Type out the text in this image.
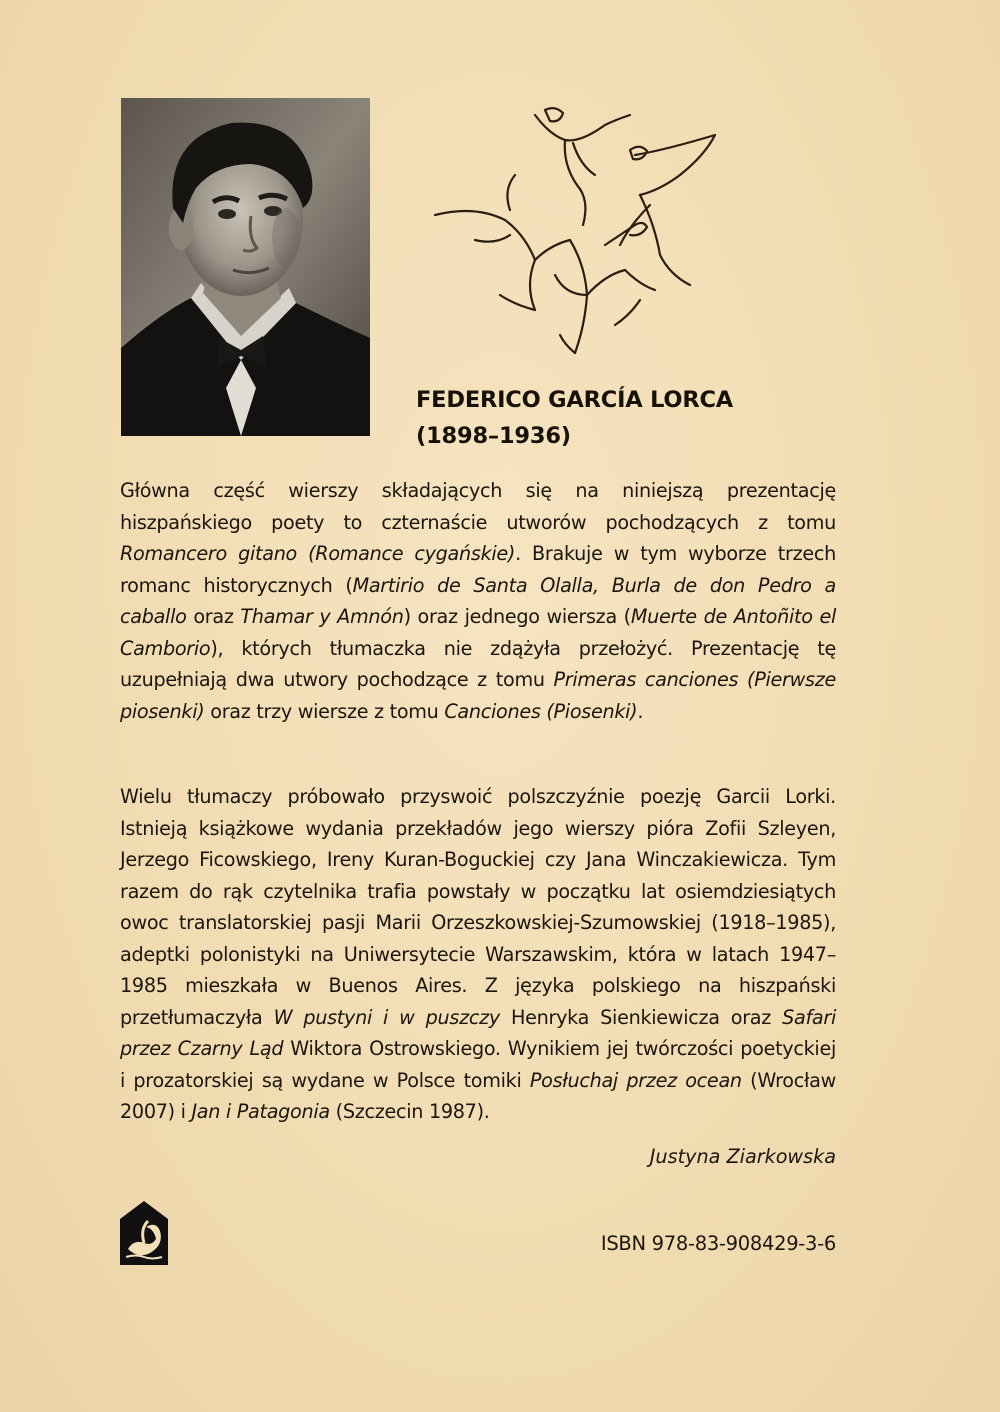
FEDERICO GARCÍA LORCA
(1898–1936)
Główna część wierszy składających się na niniejszą prezentację hiszpańskiego poety to czternaście utworów pochodzących z tomu Romancero gitano (Romance cygańskie). Brakuje w tym wyborze trzech romanc historycznych (Martirio de Santa Olalla, Burla de don Pedro a caballo oraz Thamar y Amnón) oraz jednego wiersza (Muerte de Antoñito el Camborio), których tłumaczka nie zdążyła przełożyć. Prezentację tę uzupełniają dwa utwory pochodzące z tomu Primeras canciones (Pierwsze piosenki) oraz trzy wiersze z tomu Canciones (Piosenki).
Wielu tłumaczy próbowało przyswoić polszczyźnie poezję Garcii Lorki. Istnieją książkowe wydania przekładów jego wierszy pióra Zofii Szleyen, Jerzego Ficowskiego, Ireny Kuran-Boguckiej czy Jana Winczakiewicza. Tym razem do rąk czytelnika trafia powstały w początku lat osiemdziesiątych owoc translatorskiej pasji Marii Orzeszkowskiej-Szumowskiej (1918–1985), adeptki polonistyki na Uniwersytecie Warszawskim, która w latach 1947–1985 mieszkała w Buenos Aires. Z języka polskiego na hiszpański przetłumaczyła W pustyni i w puszczy Henryka Sienkiewicza oraz Safari przez Czarny Ląd Wiktora Ostrowskiego. Wynikiem jej twórczości poetyckiej i prozatorskiej są wydane w Polsce tomiki Posłuchaj przez ocean (Wrocław 2007) i Jan i Patagonia (Szczecin 1987).
Justyna Ziarkowska
ISBN 978-83-908429-3-6
